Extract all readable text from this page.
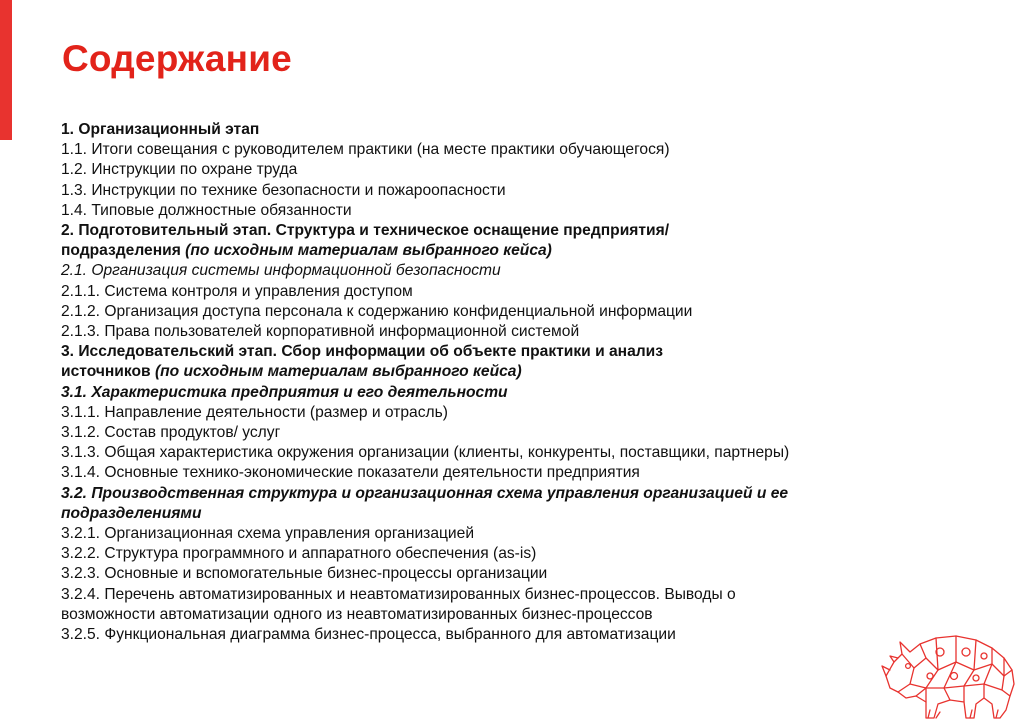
Содержание
1. Организационный этап
1.1. Итоги совещания с руководителем практики (на месте практики обучающегося)
1.2. Инструкции по охране труда
1.3. Инструкции по технике безопасности и пожароопасности
1.4. Типовые должностные обязанности
2. Подготовительный этап. Структура и техническое оснащение предприятия/
подразделения (по исходным материалам выбранного кейса)
2.1. Организация системы информационной безопасности
2.1.1. Система контроля и управления доступом
2.1.2. Организация доступа персонала к содержанию конфиденциальной информации
2.1.3. Права пользователей корпоративной информационной системой
3. Исследовательский этап. Сбор информации об объекте практики и анализ
источников (по исходным материалам выбранного кейса)
3.1. Характеристика предприятия и его деятельности
3.1.1. Направление деятельности (размер и отрасль)
3.1.2. Состав продуктов/ услуг
3.1.3. Общая характеристика окружения организации (клиенты, конкуренты, поставщики, партнеры)
3.1.4. Основные технико-экономические показатели деятельности предприятия
3.2. Производственная структура и организационная схема управления организацией и ее
подразделениями
3.2.1. Организационная схема управления организацией
3.2.2. Структура программного и аппаратного обеспечения (as-is)
3.2.3. Основные и вспомогательные бизнес-процессы организации
3.2.4. Перечень автоматизированных и неавтоматизированных бизнес-процессов. Выводы о
возможности автоматизации одного из неавтоматизированных бизнес-процессов
3.2.5. Функциональная диаграмма бизнес-процесса, выбранного для автоматизации
